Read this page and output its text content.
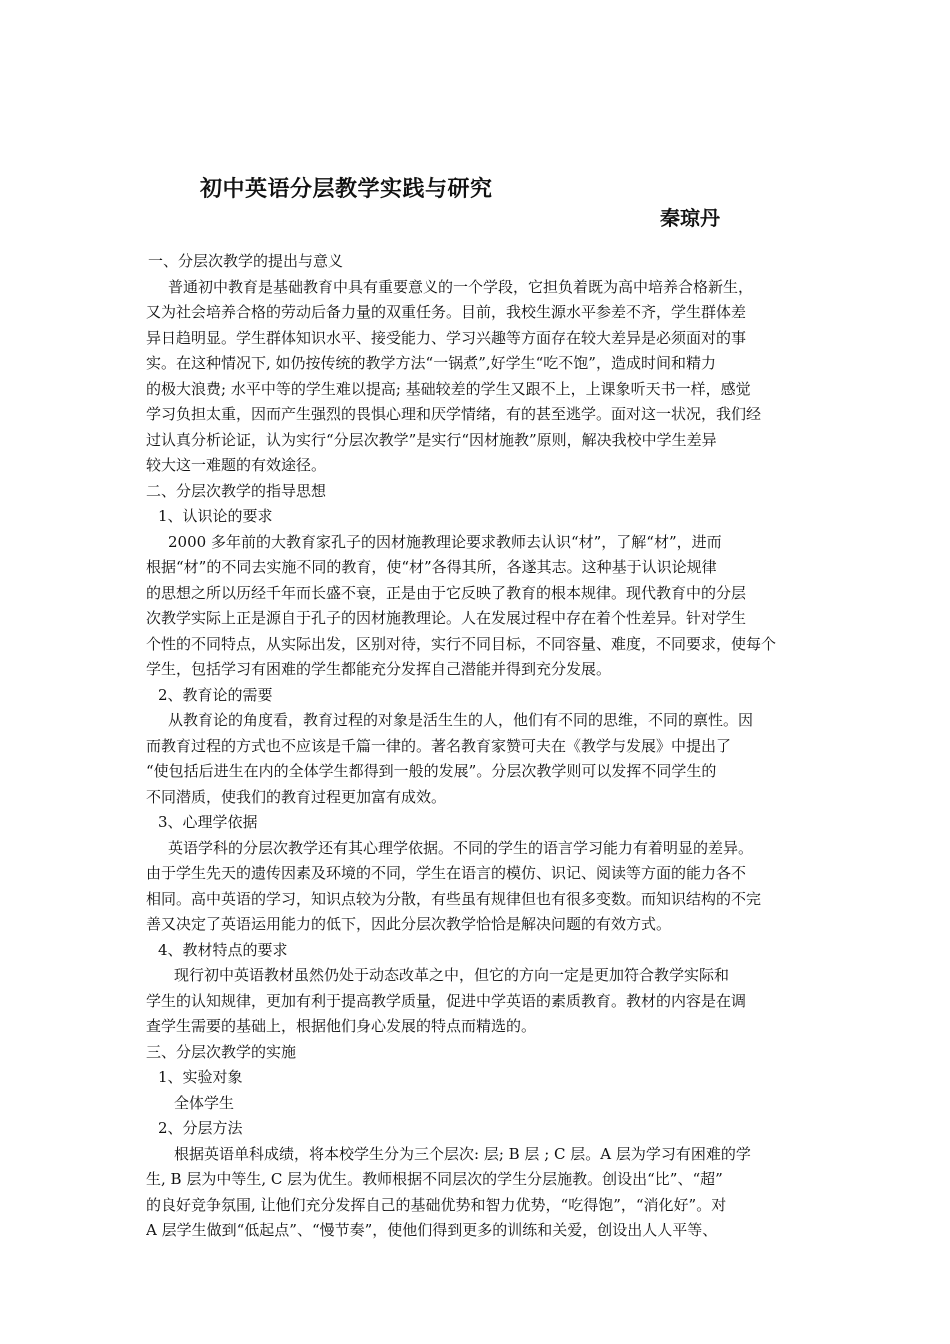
初中英语分层教学实践与研究
秦琼丹
一、分层次教学的提出与意义
普通初中教育是基础教育中具有重要意义的一个学段，它担负着既为高中培养合格新生，
又为社会培养合格的劳动后备力量的双重任务。目前，我校生源水平参差不齐，学生群体差
异日趋明显。学生群体知识水平、接受能力、学习兴趣等方面存在较大差异是必须面对的事
实。在这种情况下, 如仍按传统的教学方法“一锅煮”,好学生“吃不饱”，造成时间和精力
的极大浪费; 水平中等的学生难以提高; 基础较差的学生又跟不上，上课象听天书一样，感觉
学习负担太重，因而产生强烈的畏惧心理和厌学情绪，有的甚至逃学。面对这一状况，我们经
过认真分析论证，认为实行“分层次教学”是实行“因材施教”原则，解决我校中学生差异
较大这一难题的有效途径。
二、分层次教学的指导思想
1、认识论的要求
2000 多年前的大教育家孔子的因材施教理论要求教师去认识“材”，了解“材”，进而
根据“材”的不同去实施不同的教育，使“材”各得其所，各遂其志。这种基于认识论规律
的思想之所以历经千年而长盛不衰，正是由于它反映了教育的根本规律。现代教育中的分层
次教学实际上正是源自于孔子的因材施教理论。人在发展过程中存在着个性差异。针对学生
个性的不同特点，从实际出发，区别对待，实行不同目标，不同容量、难度，不同要求，使每个
学生，包括学习有困难的学生都能充分发挥自己潜能并得到充分发展。
2、教育论的需要
从教育论的角度看，教育过程的对象是活生生的人，他们有不同的思维，不同的禀性。因
而教育过程的方式也不应该是千篇一律的。著名教育家赞可夫在《教学与发展》中提出了
“使包括后进生在内的全体学生都得到一般的发展”。分层次教学则可以发挥不同学生的
不同潜质，使我们的教育过程更加富有成效。
3、心理学依据
英语学科的分层次教学还有其心理学依据。不同的学生的语言学习能力有着明显的差异。
由于学生先天的遗传因素及环境的不同，学生在语言的模仿、识记、阅读等方面的能力各不
相同。高中英语的学习，知识点较为分散，有些虽有规律但也有很多变数。而知识结构的不完
善又决定了英语运用能力的低下，因此分层次教学恰恰是解决问题的有效方式。
4、教材特点的要求
现行初中英语教材虽然仍处于动态改革之中，但它的方向一定是更加符合教学实际和
学生的认知规律，更加有利于提高教学质量，促进中学英语的素质教育。教材的内容是在调
查学生需要的基础上，根据他们身心发展的特点而精选的。
三、分层次教学的实施
1、实验对象
全体学生
2、分层方法
根据英语单科成绩，将本校学生分为三个层次: 层; B 层 ; C 层。A 层为学习有困难的学
生, B 层为中等生, C 层为优生。教师根据不同层次的学生分层施教。创设出“比”、“超”
的良好竞争氛围, 让他们充分发挥自己的基础优势和智力优势，“吃得饱”，“消化好”。对
A 层学生做到“低起点”、“慢节奏”，使他们得到更多的训练和关爱，创设出人人平等、
